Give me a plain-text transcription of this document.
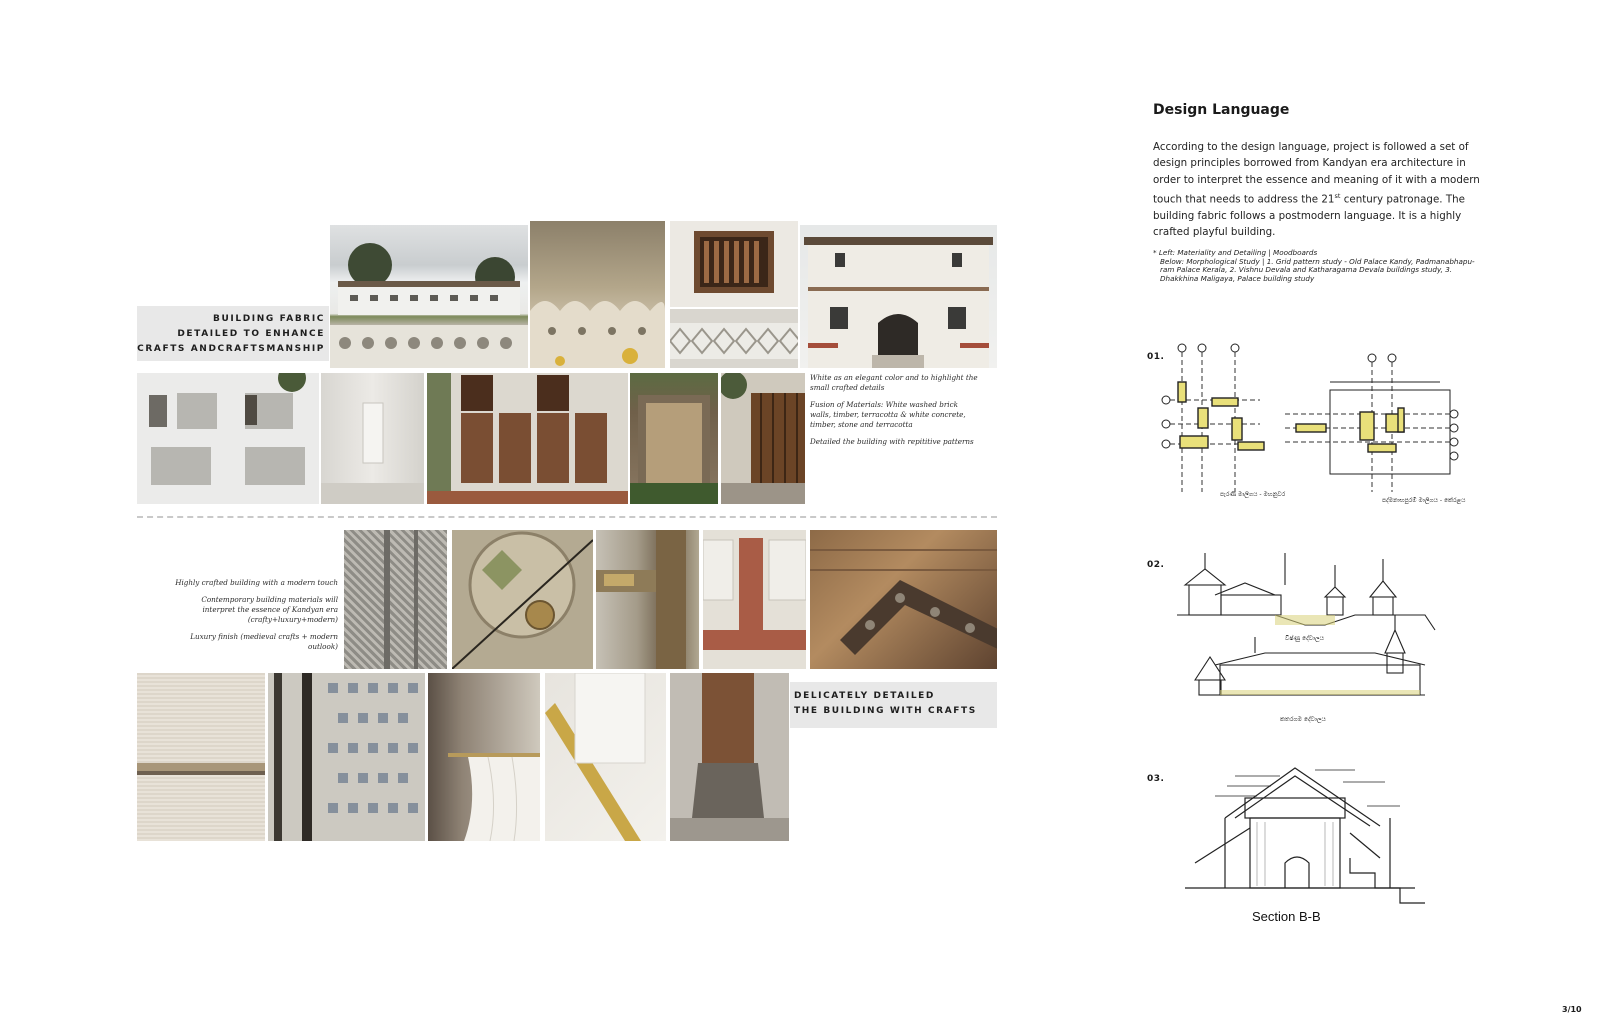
BUILDING FABRIC
DETAILED TO ENHANCE
CRAFTS ANDCRAFTSMANSHIP

White as an elegant color and to highlight the small crafted details

Fusion of Materials: White washed brick walls, timber, terracotta & white concrete, timber, stone and terracotta

Detailed the building with repititive patterns

Highly crafted building with a modern touch

Contemporary building materials will interpret the essence of Kandyan era (crafty+luxury+modern)

Luxury finish (medieval crafts + modern outlook)

DELICATELY DETAILED
THE BUILDING WITH CRAFTS
Design Language
According to the design language, project is followed a set of design principles borrowed from Kandyan era architecture in order to interpret the essence and meaning of it with a modern touch that needs to address the 21st century patronage. The building fabric follows a postmodern language. It is a highly crafted playful building.
* Left: Materiality and Detailing | Moodboards
Below: Morphological Study | 1. Grid pattern study - Old Palace Kandy, Padmanabhapu-ram Palace Kerala, 2. Vishnu Devala and Katharagama Devala buildings study, 3. Dhakkhina Maligaya, Palace building study
01.
පැරණි මාලිගය - මහනුවර
පද්මනාභපුරම් මාලිගය - කේරළය
02.
විෂ්ණු දේවාලය
කතරගම දේවාලය
03.
Section B-B
3/10
